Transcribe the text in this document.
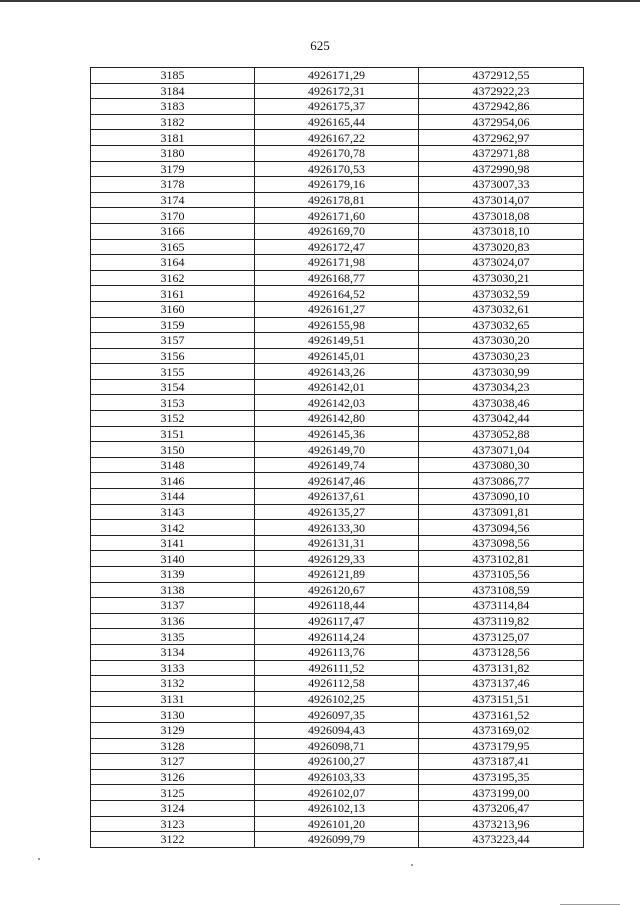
625
3185	4926171,29	4372912,55
3184	4926172,31	4372922,23
3183	4926175,37	4372942,86
3182	4926165,44	4372954,06
3181	4926167,22	4372962,97
3180	4926170,78	4372971,88
3179	4926170,53	4372990,98
3178	4926179,16	4373007,33
3174	4926178,81	4373014,07
3170	4926171,60	4373018,08
3166	4926169,70	4373018,10
3165	4926172,47	4373020,83
3164	4926171,98	4373024,07
3162	4926168,77	4373030,21
3161	4926164,52	4373032,59
3160	4926161,27	4373032,61
3159	4926155,98	4373032,65
3157	4926149,51	4373030,20
3156	4926145,01	4373030,23
3155	4926143,26	4373030,99
3154	4926142,01	4373034,23
3153	4926142,03	4373038,46
3152	4926142,80	4373042,44
3151	4926145,36	4373052,88
3150	4926149,70	4373071,04
3148	4926149,74	4373080,30
3146	4926147,46	4373086,77
3144	4926137,61	4373090,10
3143	4926135,27	4373091,81
3142	4926133,30	4373094,56
3141	4926131,31	4373098,56
3140	4926129,33	4373102,81
3139	4926121,89	4373105,56
3138	4926120,67	4373108,59
3137	4926118,44	4373114,84
3136	4926117,47	4373119,82
3135	4926114,24	4373125,07
3134	4926113,76	4373128,56
3133	4926111,52	4373131,82
3132	4926112,58	4373137,46
3131	4926102,25	4373151,51
3130	4926097,35	4373161,52
3129	4926094,43	4373169,02
3128	4926098,71	4373179,95
3127	4926100,27	4373187,41
3126	4926103,33	4373195,35
3125	4926102,07	4373199,00
3124	4926102,13	4373206,47
3123	4926101,20	4373213,96
3122	4926099,79	4373223,44
